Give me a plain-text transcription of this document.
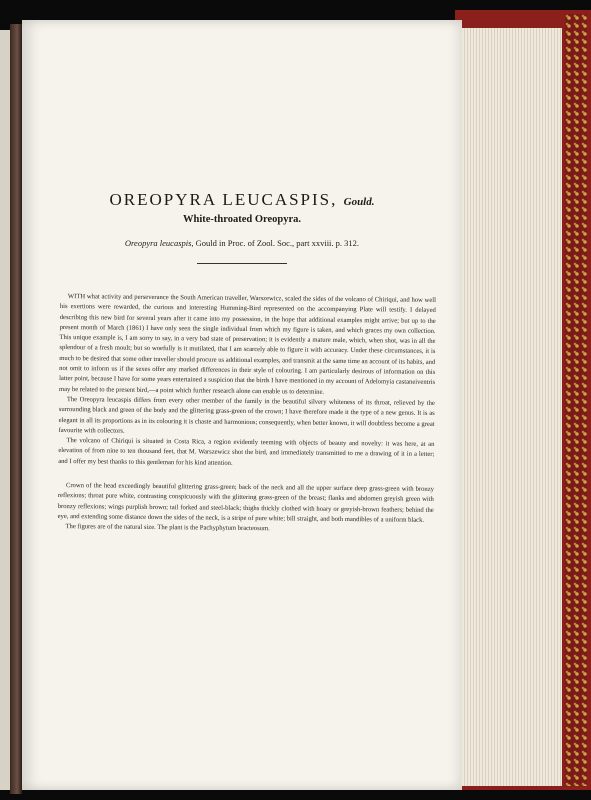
OREOPYRA LEUCASPIS, Gould.
White-throated Oreopyra.
Oreopyra leucaspis, Gould in Proc. of Zool. Soc., part xxviii. p. 312.

WITH what activity and perseverance the South American traveller, Warszewicz, scaled the sides of the volcano of Chiriqui, and how well his exertions were rewarded, the curious and interesting Humming-Bird represented on the accompanying Plate will testify. I delayed describing this new bird for several years after it came into my possession, in the hope that additional examples might arrive; but up to the present month of March (1861) I have only seen the single individual from which my figure is taken, and which graces my own collection. This unique example is, I am sorry to say, in a very bad state of preservation; it is evidently a mature male, which, when shot, was in all the splendour of a fresh moult; but so woefully is it mutilated, that I am scarcely able to figure it with accuracy. Under these circumstances, it is much to be desired that some other traveller should procure us additional examples, and transmit at the same time an account of its habits, and not omit to inform us if the sexes offer any marked differences in their style of colouring. I am particularly desirous of information on this latter point, because I have for some years entertained a suspicion that the birds I have mentioned in my account of Adelomyia castaneiventris may be related to the present bird,—a point which further research alone can enable us to determine.

The Oreopyra leucaspis differs from every other member of the family in the beautiful silvery whiteness of its throat, relieved by the surrounding black and green of the body and the glittering grass-green of the crown; I have therefore made it the type of a new genus. It is as elegant in all its proportions as in its colouring it is chaste and harmonious; consequently, when better known, it will doubtless become a great favourite with collectors.

The volcano of Chiriqui is situated in Costa Rica, a region evidently teeming with objects of beauty and novelty: it was here, at an elevation of from nine to ten thousand feet, that M. Warszewicz shot the bird, and immediately transmitted to me a drawing of it in a letter; and I offer my best thanks to this gentleman for his kind attention.

Crown of the head exceedingly beautiful glittering grass-green; back of the neck and all the upper surface deep grass-green with bronzy reflexions; throat pure white, contrasting conspicuously with the glittering grass-green of the breast; flanks and abdomen greyish green with bronzy reflexions; wings purplish brown; tail forked and steel-black; thighs thickly clothed with hoary or greyish-brown feathers; behind the eye, and extending some distance down the sides of the neck, is a stripe of pure white; bill straight, and both mandibles of a uniform black.

The figures are of the natural size. The plant is the Pachyphytum bracteosum.
